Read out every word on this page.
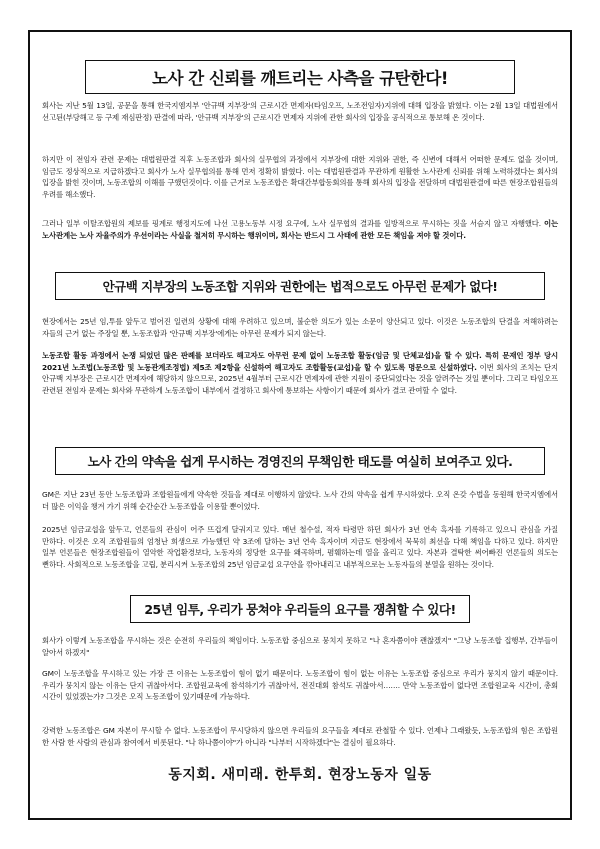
노사 간 신뢰를 깨트리는 사측을 규탄한다!

회사는 지난 5월 13일, 공문을 통해 한국지엠지부 '안규백 지부장'의 근로시간 면제자(타임오프, 노조전임자)지위에 대해 입장을 밝혔다. 이는 2월 13일 대법원에서 선고된(부당해고 등 구제 재심판정) 판결에 따라, '안규백 지부장'의 근로시간 면제자 지위에 관한 회사의 입장을 공식적으로 통보해 온 것이다.

하지만 이 전임자 관련 문제는 대법원판결 직후 노동조합과 회사의 실무협의 과정에서 지부장에 대한 지위와 권한, 즉 신변에 대해서 어떠한 문제도 없을 것이며, 임금도 정상적으로 지급하겠다고 회사가 노사 실무협의를 통해 먼저 정확히 밝혔다. 이는 대법원판결과 무관하게 원활한 노사관계 신뢰를 위해 노력하겠다는 회사의 입장을 밝힌 것이며, 노동조합의 이해를 구했던것이다. 이를 근거로 노동조합은 확대간부합동회의를 통해 회사의 입장을 전달하며 대법원판결에 따른 현장조합원들의 우려를 해소했다.

그러나 일부 이탈조합원의 제보를 핑계로 행정지도에 나선 고용노동부 시정 요구에, 노사 실무협의 결과를 일방적으로 무시하는 짓을 서슴지 않고 자행했다. 이는 노사관계는 노사 자율주의가 우선이라는 사실을 철저히 무시하는 행위이며, 회사는 반드시 그 사태에 관한 모든 책임을 져야 할 것이다.

안규백 지부장의 노동조합 지위와 권한에는 법적으로도 아무런 문제가 없다!

현장에서는 25년 임,투를 앞두고 벌어진 일련의 상황에 대해 우려하고 있으며, 불순한 의도가 있는 소문이 양산되고 있다. 이것은 노동조합의 단결을 저해하려는 자들의 근거 없는 주장일 뿐, 노동조합과 '안규백 지부장'에게는 아무런 문제가 되지 않는다.

노동조합 활동 과정에서 논쟁 되었던 많은 판례를 보더라도 해고자도 아무런 문제 없이 노동조합 활동(임금 및 단체교섭)을 할 수 있다. 특히 문재인 정부 당시 2021년 노조법(노동조합 및 노동관계조정법) 제5조 제2항을 신설하여 해고자도 조합활동(교섭)을 할 수 있도록 명문으로 신설하였다. 이번 회사의 조치는 단지 안규백 지부장은 근로시간 면제자에 해당하지 않으므로, 2025년 4월부터 근로시간 면제자에 관한 지원이 중단되었다는 것을 알려주는 것일 뿐이다. 그리고 타임오프 관련된 전임자 문제는 회사와 무관하게 노동조합이 내부에서 결정하고 회사에 통보하는 사항이기 때문에 회사가 결코 관여할 수 없다.

노사 간의 약속을 쉽게 무시하는 경영진의 무책임한 태도를 여실히 보여주고 있다.

GM은 지난 23년 동안 노동조합과 조합원들에게 약속한 것들을 제대로 이행하지 않았다. 노사 간의 약속을 쉽게 무시하였다. 오직 온갖 수법을 동원해 한국지엠에서 더 많은 이익을 챙겨 가기 위해 순간순간 노동조합을 이용할 뿐이었다.

2025년 임금교섭을 앞두고, 언론들의 관심이 어주 뜨겁게 달궈지고 있다. 매년 철수설, 적자 타령만 하던 회사가 3년 연속 흑자를 기록하고 있으니 관심을 가질 만하다. 이것은 오직 조합원들의 엄청난 희생으로 가능했던 약 3조에 달하는 3년 연속 흑자이며 지금도 현장에서 묵묵히 최선을 다해 책임을 다하고 있다. 하지만 일부 언론들은 현장조합원들이 열악한 작업환경보다, 노동자의 정당한 요구를 왜곡하며, 폄훼하는데 열을 올리고 있다. 자본과 결탁한 써어빠진 언론들의 의도는 뻔하다. 사회적으로 노동조합을 고립, 분리시켜 노동조합의 25년 임금교섭 요구안을 깎아내리고 내부적으로는 노동자들의 분열을 원하는 것이다.

25년 임투, 우리가 뭉쳐야 우리들의 요구를 쟁취할 수 있다!

회사가 이렇게 노동조합을 무시하는 것은 순전히 우리들의 책임이다. 노동조합 중심으로 뭉치지 못하고 "나 혼자쯤이야 괜찮겠지" "그냥 노동조합 집행부, 간부들이 알아서 하겠지"

GM이 노동조합을 무시하고 있는 가장 큰 이유는 노동조합이 힘이 없기 때문이다. 노동조합이 힘이 없는 이유는 노동조합 중심으로 우리가 뭉치지 않기 때문이다. 우리가 뭉치지 않는 이유는 단지 귀찮아서다. 조합원교육에 참석하기가 귀찮아서, 전진대회 참석도 귀찮아서……. 만약 노동조합이 없다면 조합원교육 시간이, 총회 시간이 있었겠는가? 그것은 오직 노동조합이 있기때문에 가능하다.

강력한 노동조합은 GM 자본이 무시할 수 없다. 노동조합이 무시당하지 않으면 우리들의 요구들을 제대로 관철할 수 있다. 언제나 그래왔듯, 노동조합의 힘은 조합원 한 사람 한 사람의 관심과 참여에서 비롯된다. "나 하나쯤이야"가 아니라 "나부터 시작하겠다"는 결심이 필요하다.

동지회. 새미래. 한투회. 현장노동자 일동
